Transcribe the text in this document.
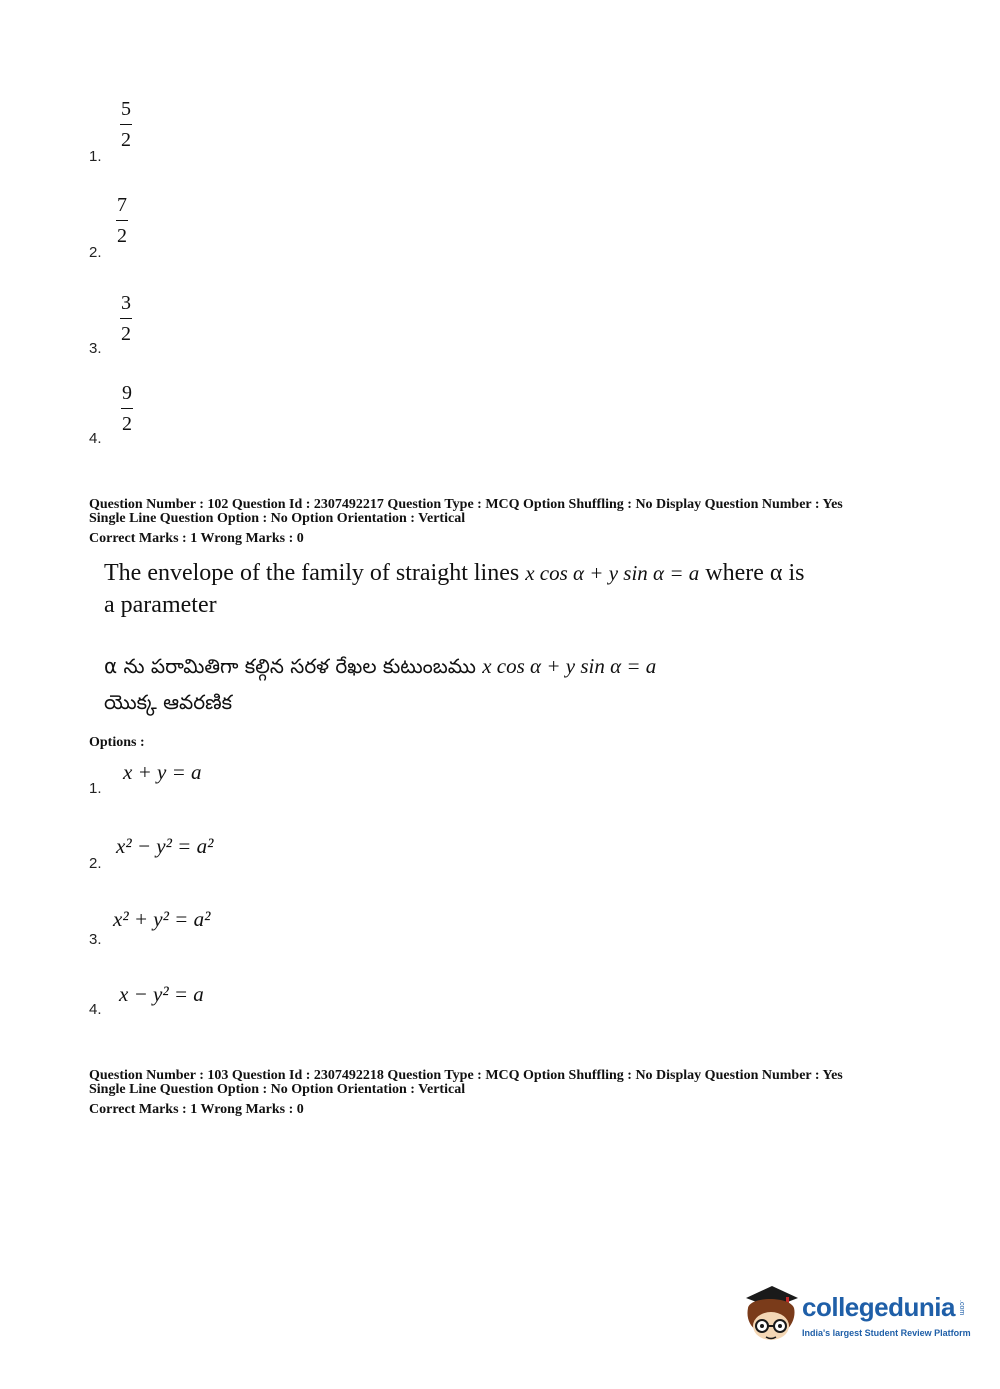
1.
5
2
2.
7
2
3.
3
2
4.
9
2
Question Number : 102 Question Id : 2307492217 Question Type : MCQ Option Shuffling : No Display Question Number : Yes
Single Line Question Option : No Option Orientation : Vertical
Correct Marks : 1 Wrong Marks : 0
The envelope of the family of straight lines x cos α + y sin α = a where α is
a parameter
α ను పరామితిగా కల్గిన సరళ రేఖల కుటుంబము x cos α + y sin α = a
యొక్క ఆవరణిక
Options :
1.
x + y = a
2.
x² − y² = a²
3.
x² + y² = a²
4.
x − y² = a
Question Number : 103 Question Id : 2307492218 Question Type : MCQ Option Shuffling : No Display Question Number : Yes
Single Line Question Option : No Option Orientation : Vertical
Correct Marks : 1 Wrong Marks : 0
collegedunia .com
India's largest Student Review Platform
